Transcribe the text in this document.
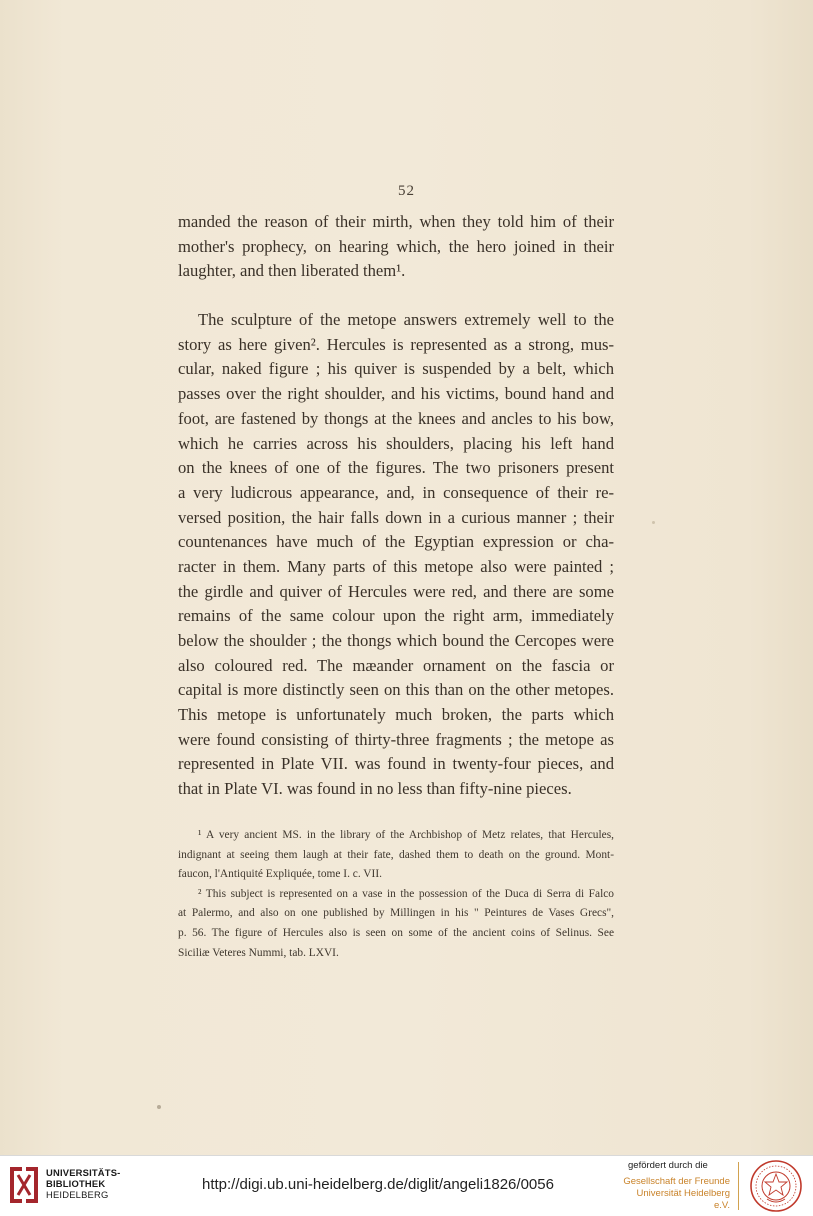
52
manded the reason of their mirth, when they told him of their
mother's prophecy, on hearing which, the hero joined in their
laughter, and then liberated them¹.
The sculpture of the metope answers extremely well to the
story as here given². Hercules is represented as a strong, mus-
cular, naked figure ; his quiver is suspended by a belt, which
passes over the right shoulder, and his victims, bound hand and
foot, are fastened by thongs at the knees and ancles to his bow,
which he carries across his shoulders, placing his left hand
on the knees of one of the figures. The two prisoners present
a very ludicrous appearance, and, in consequence of their re-
versed position, the hair falls down in a curious manner ; their
countenances have much of the Egyptian expression or cha-
racter in them. Many parts of this metope also were painted ;
the girdle and quiver of Hercules were red, and there are some
remains of the same colour upon the right arm, immediately
below the shoulder ; the thongs which bound the Cercopes were
also coloured red. The mæander ornament on the fascia or
capital is more distinctly seen on this than on the other metopes.
This metope is unfortunately much broken, the parts which
were found consisting of thirty-three fragments ; the metope as
represented in Plate VII. was found in twenty-four pieces, and
that in Plate VI. was found in no less than fifty-nine pieces.
¹ A very ancient MS. in the library of the Archbishop of Metz relates, that Hercules,
indignant at seeing them laugh at their fate, dashed them to death on the ground. Mont-
faucon, l'Antiquité Expliquée, tome I. c. VII.
² This subject is represented on a vase in the possession of the Duca di Serra di Falco
at Palermo, and also on one published by Millingen in his " Peintures de Vases Grecs",
p. 56. The figure of Hercules also is seen on some of the ancient coins of Selinus. See
Siciliæ Veteres Nummi, tab. LXVI.
UNIVERSITÄTS-
BIBLIOTHEK
HEIDELBERG
http://digi.ub.uni-heidelberg.de/diglit/angeli1826/0056
gefördert durch die
Gesellschaft der Freunde
Universität Heidelberg e.V.
